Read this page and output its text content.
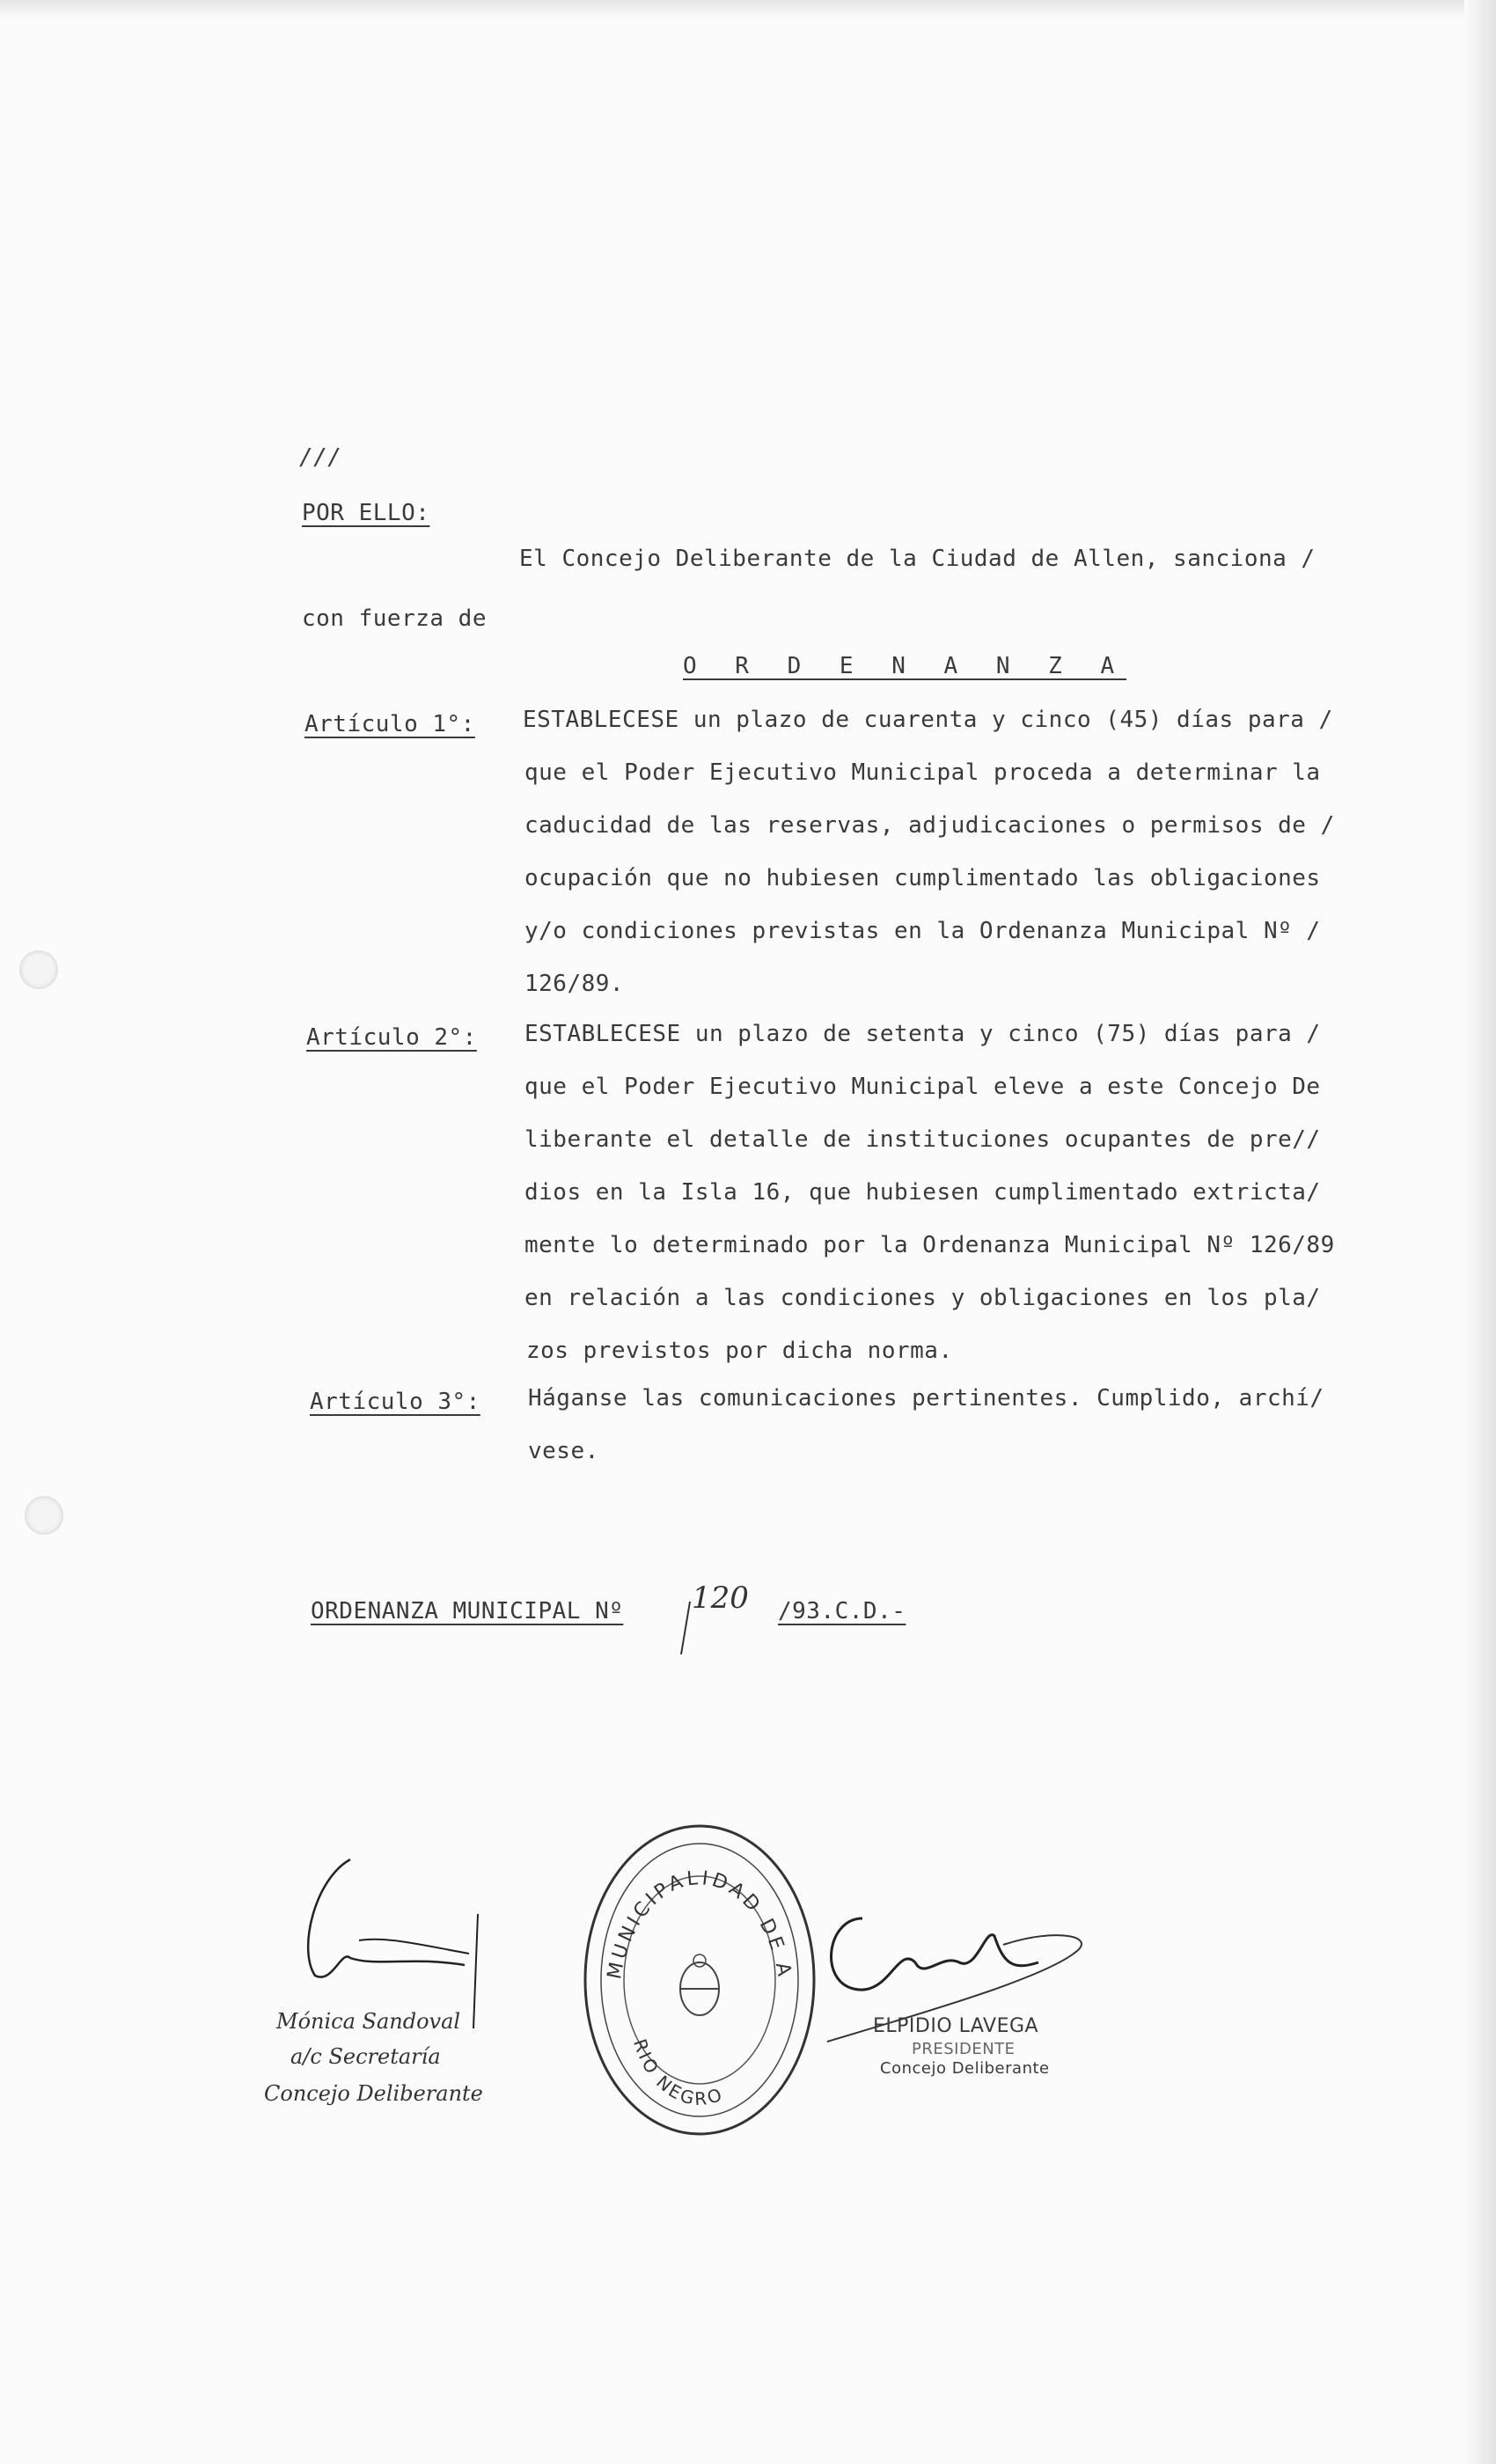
///
POR ELLO:
El Concejo Deliberante de la Ciudad de Allen, sanciona /
con fuerza de
O R D E N A N Z A
Artículo 1°:
Artículo 2°:
Artículo 3°:
ESTABLECESE un plazo de cuarenta y cinco (45) días para /
que el Poder Ejecutivo Municipal proceda a determinar la
caducidad de las reservas, adjudicaciones o permisos de /
ocupación que no hubiesen cumplimentado las obligaciones
y/o condiciones previstas en la Ordenanza Municipal Nº /
126/89.
ESTABLECESE un plazo de setenta y cinco (75) días para /
que el Poder Ejecutivo Municipal eleve a este Concejo De
liberante el detalle de instituciones ocupantes de pre//
dios en la Isla 16, que hubiesen cumplimentado extricta/
mente lo determinado por la Ordenanza Municipal Nº 126/89
en relación a las condiciones y obligaciones en los pla/
zos previstos por dicha norma.
Háganse las comunicaciones pertinentes. Cumplido, archí/
vese.
ORDENANZA MUNICIPAL Nº 120 /93.C.D.-
Mónica Sandoval
a/c Secretaría
Concejo Deliberante
MUNICIPALIDAD DE ALLEN
RIO NEGRO
ELPIDIO LAVEGA
PRESIDENTE
Concejo Deliberante
